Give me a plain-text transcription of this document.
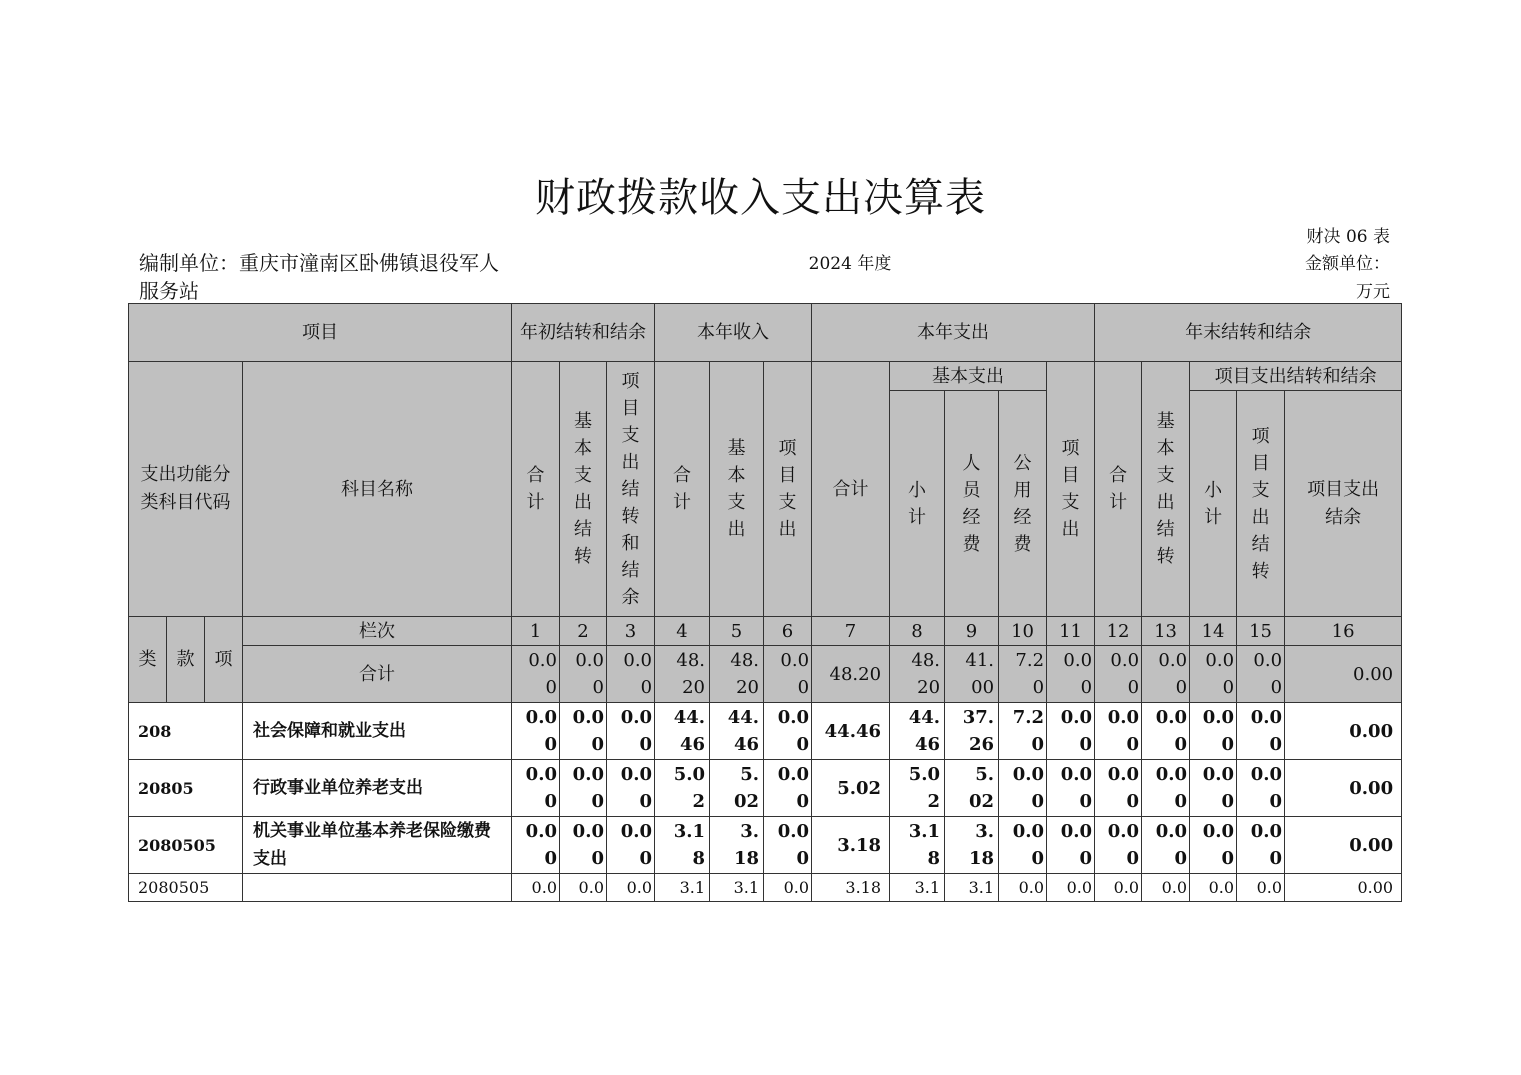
财政拨款收入支出决算表
财决 06 表
编制单位：重庆市潼南区卧佛镇退役军人服务站
2024 年度	金额单位：万元
项目				年初结转和结余			本年收入			本年支出					年末结转和结余				
支出功能分类科目代码			科目名称	合计	基本支出结转	项目支出结转和结余	合计	基本支出	项目支出	合计	基本支出			项目支出	合计	基本支出结转	项目支出结转和结余		
											小计	人员经费	公用经费				小计	项目支出结转	项目支出结余
类	款	项	栏次	1	2	3	4	5	6	7	8	9	10	11	12	13	14	15	16
			合计	0.00	0.00	0.00	48.20	48.20	0.00	48.20	48.20	41.00	7.20	0.00	0.00	0.00	0.00	0.00	0.00
208			社会保障和就业支出	0.00	0.00	0.00	44.46	44.46	0.00	44.46	44.46	37.26	7.20	0.00	0.00	0.00	0.00	0.00	0.00
20805			行政事业单位养老支出	0.00	0.00	0.00	5.02	5.02	0.00	5.02	5.02	5.02	0.00	0.00	0.00	0.00	0.00	0.00	0.00
2080505			机关事业单位基本养老保险缴费支出	0.00	0.00	0.00	3.18	3.18	0.00	3.18	3.18	3.18	0.00	0.00	0.00	0.00	0.00	0.00	0.00
2080505				0.0	0.0	0.0	3.1	3.1	0.0	3.18	3.1	3.1	0.0	0.0	0.0	0.0	0.0	0.0	0.00
